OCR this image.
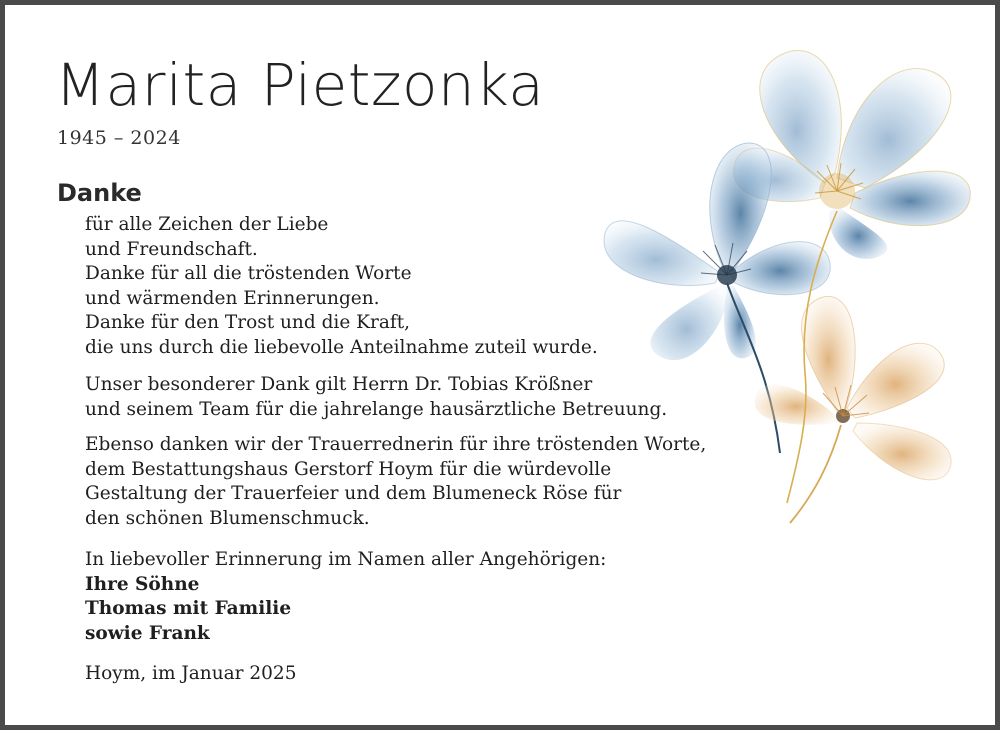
Marita Pietzonka
1945 – 2024
Danke
für alle Zeichen der Liebe
und Freundschaft.
Danke für all die tröstenden Worte
und wärmenden Erinnerungen.
Danke für den Trost und die Kraft,
die uns durch die liebevolle Anteilnahme zuteil wurde.
Unser besonderer Dank gilt Herrn Dr. Tobias Krößner
und seinem Team für die jahrelange hausärztliche Betreuung.
Ebenso danken wir der Trauerrednerin für ihre tröstenden Worte,
dem Bestattungshaus Gerstorf Hoym für die würdevolle
Gestaltung der Trauerfeier und dem Blumeneck Röse für
den schönen Blumenschmuck.
In liebevoller Erinnerung im Namen aller Angehörigen:
Ihre Söhne
Thomas mit Familie
sowie Frank
Hoym, im Januar 2025
